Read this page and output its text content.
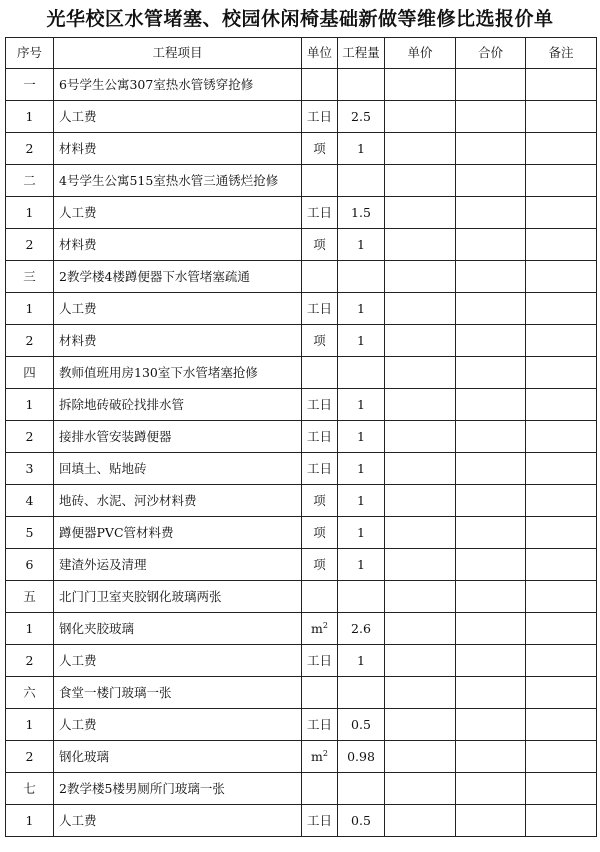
光华校区水管堵塞、校园休闲椅基础新做等维修比选报价单
序号	工程项目	单位	工程量	单价	合价	备注
一	6号学生公寓307室热水管锈穿抢修					
1	人工费	工日	2.5			
2	材料费	项	1			
二	4号学生公寓515室热水管三通锈烂抢修					
1	人工费	工日	1.5			
2	材料费	项	1			
三	2教学楼4楼蹲便器下水管堵塞疏通					
1	人工费	工日	1			
2	材料费	项	1			
四	教师值班用房130室下水管堵塞抢修					
1	拆除地砖破砼找排水管	工日	1			
2	接排水管安装蹲便器	工日	1			
3	回填土、贴地砖	工日	1			
4	地砖、水泥、河沙材料费	项	1			
5	蹲便器PVC管材料费	项	1			
6	建渣外运及清理	项	1			
五	北门门卫室夹胶钢化玻璃两张					
1	钢化夹胶玻璃	$m^2$	2.6			
2	人工费	工日	1			
六	食堂一楼门玻璃一张					
1	人工费	工日	0.5			
2	钢化玻璃	$m^2$	0.98			
七	2教学楼5楼男厕所门玻璃一张					
1	人工费	工日	0.5			
